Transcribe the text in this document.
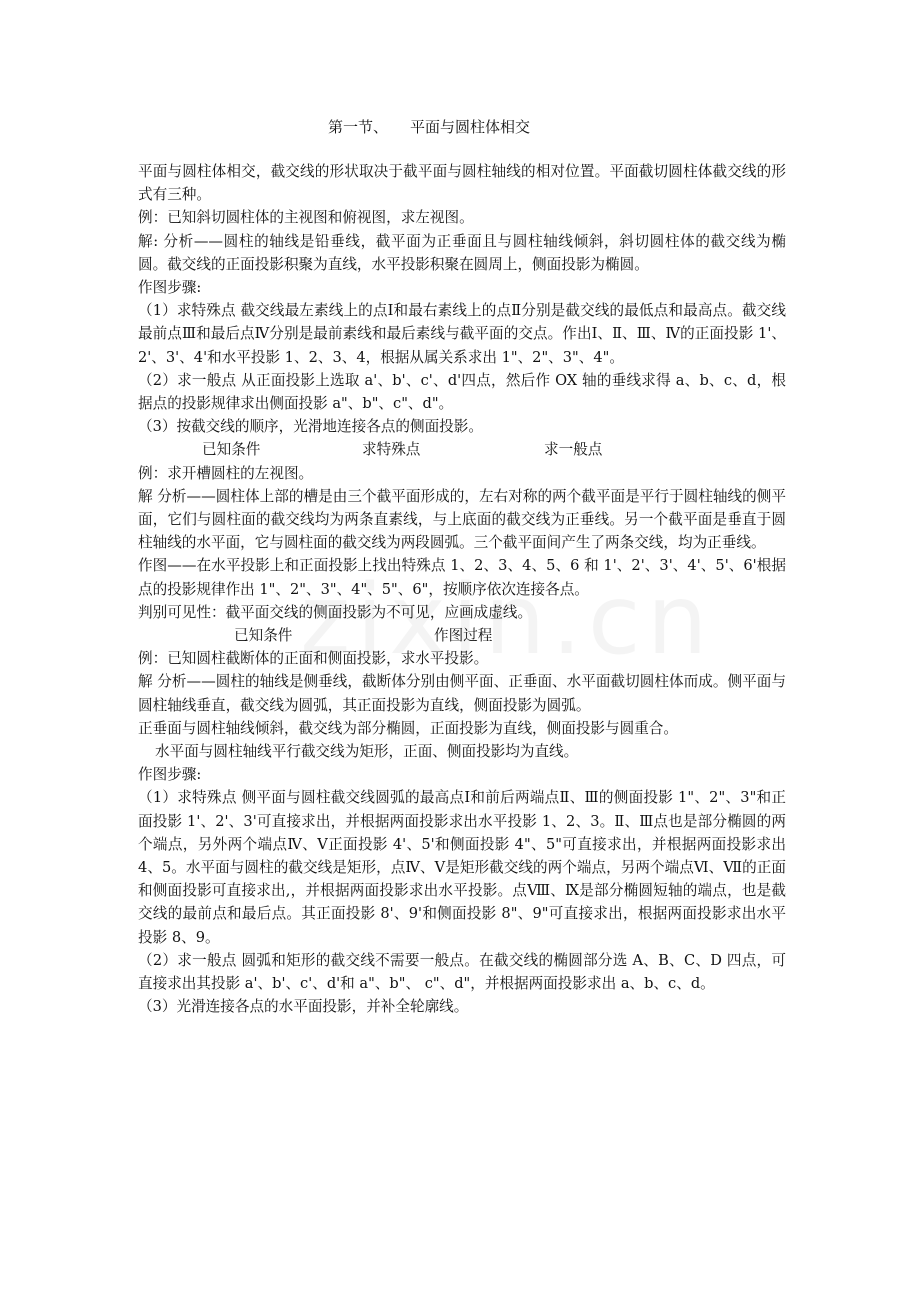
第一节、 平面与圆柱体相交

平面与圆柱体相交，截交线的形状取决于截平面与圆柱轴线的相对位置。平面截切圆柱体截交线的形式有三种。

例：已知斜切圆柱体的主视图和俯视图，求左视图。

解: 分析——圆柱的轴线是铅垂线，截平面为正垂面且与圆柱轴线倾斜，斜切圆柱体的截交线为椭圆。截交线的正面投影积聚为直线，水平投影积聚在圆周上，侧面投影为椭圆。

作图步骤:

（1）求特殊点 截交线最左素线上的点Ⅰ和最右素线上的点Ⅱ分别是截交线的最低点和最高点。截交线最前点Ⅲ和最后点Ⅳ分别是最前素线和最后素线与截平面的交点。作出Ⅰ、Ⅱ、Ⅲ、Ⅳ的正面投影 1'、2'、3'、4'和水平投影 1、2、3、4，根据从属关系求出 1"、2"、3"、4"。

（2）求一般点 从正面投影上选取 a'、b'、c'、d'四点，然后作 OX 轴的垂线求得 a、b、c、d，根据点的投影规律求出侧面投影 a"、b"、c"、d"。

（3）按截交线的顺序，光滑地连接各点的侧面投影。

已知条件	求特殊点	求一般点

例：求开槽圆柱的左视图。

解 分析——圆柱体上部的槽是由三个截平面形成的，左右对称的两个截平面是平行于圆柱轴线的侧平面，它们与圆柱面的截交线均为两条直素线，与上底面的截交线为正垂线。另一个截平面是垂直于圆柱轴线的水平面，它与圆柱面的截交线为两段圆弧。三个截平面间产生了两条交线，均为正垂线。

作图——在水平投影上和正面投影上找出特殊点 1、2、3、4、5、6 和 1'、2'、3'、4'、5'、6'根据点的投影规律作出 1"、2"、3"、4"、5"、6"，按顺序依次连接各点。

判别可见性：截平面交线的侧面投影为不可见，应画成虚线。

已知条件	作图过程

例：已知圆柱截断体的正面和侧面投影，求水平投影。

解 分析——圆柱的轴线是侧垂线，截断体分别由侧平面、正垂面、水平面截切圆柱体而成。侧平面与圆柱轴线垂直，截交线为圆弧，其正面投影为直线，侧面投影为圆弧。

正垂面与圆柱轴线倾斜，截交线为部分椭圆，正面投影为直线，侧面投影与圆重合。

水平面与圆柱轴线平行截交线为矩形，正面、侧面投影均为直线。

作图步骤:

（1）求特殊点 侧平面与圆柱截交线圆弧的最高点Ⅰ和前后两端点Ⅱ、Ⅲ的侧面投影 1"、2"、3"和正面投影 1'、2'、3'可直接求出，并根据两面投影求出水平投影 1、2、3。Ⅱ、Ⅲ点也是部分椭圆的两个端点，另外两个端点Ⅳ、Ⅴ正面投影 4'、5'和侧面投影 4"、5"可直接求出，并根据两面投影求出 4、5。水平面与圆柱的截交线是矩形，点Ⅳ、Ⅴ是矩形截交线的两个端点，另两个端点Ⅵ、Ⅶ的正面和侧面投影可直接求出,，并根据两面投影求出水平投影。点Ⅷ、Ⅸ是部分椭圆短轴的端点，也是截交线的最前点和最后点。其正面投影 8'、9'和侧面投影 8"、9"可直接求出，根据两面投影求出水平投影 8、9。

（2）求一般点 圆弧和矩形的截交线不需要一般点。在截交线的椭圆部分选 A、B、C、D 四点，可直接求出其投影 a'、b'、c'、d'和 a"、b"、 c"、d"，并根据两面投影求出 a、b、c、d。

（3）光滑连接各点的水平面投影，并补全轮廓线。
